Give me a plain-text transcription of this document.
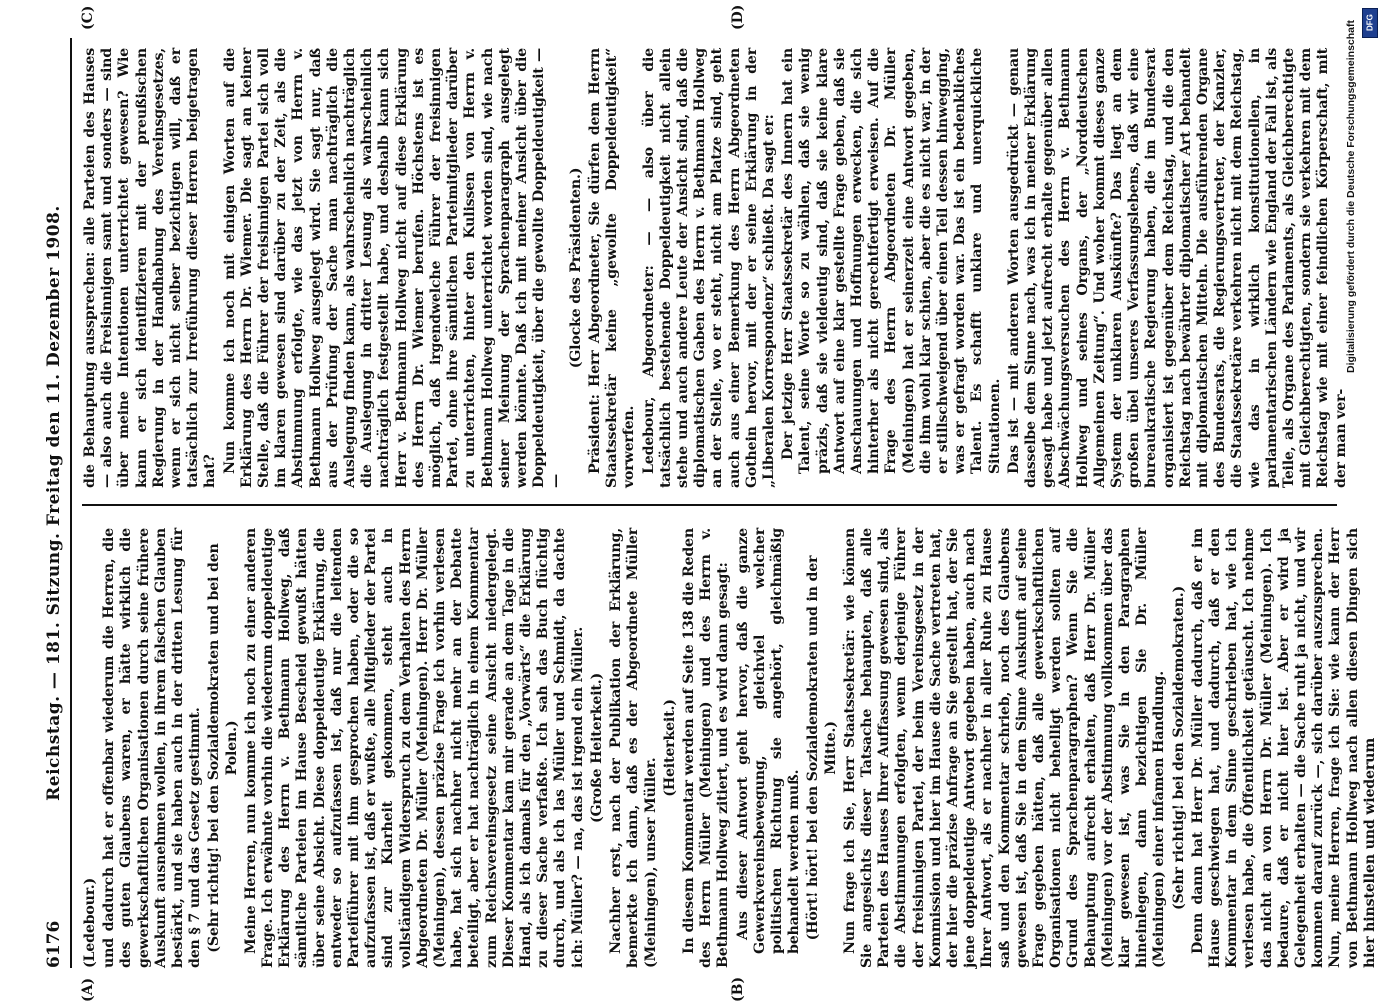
6176
Reichstag. — 181. Sitzung. Freitag den 11. Dezember 1908.

(Ledebour.) und dadurch hat er offenbar wiederum die Herren, die des guten Glaubens waren, er hätte wirklich die gewerkschaftlichen Organisationen durch seine frühere Auskunft ausnehmen wollen, in ihrem falschen Glauben bestärkt, und sie haben auch in der dritten Lesung für den § 7 und das Gesetz gestimmt. (Sehr richtig! bei den Sozialdemokraten und bei den Polen.) Meine Herren, nun komme ich noch zu einer anderen Frage. Ich erwähnte vorhin die wiederum doppeldeutige Erklärung des Herrn v. Bethmann Hollweg, daß sämtliche Parteien im Hause Bescheid gewußt hätten über seine Absicht. Diese doppeldeutige Erklärung, die entweder so aufzufassen ist, daß nur die leitenden Parteiführer mit ihm gesprochen haben, oder die so aufzufassen ist, daß er wußte, alle Mitglieder der Partei sind zur Klarheit gekommen, steht auch in vollständigem Widerspruch zu dem Verhalten des Herrn Abgeordneten Dr. Müller (Meiningen). Herr Dr. Müller (Meiningen), dessen präzise Frage ich vorhin verlesen habe, hat sich nachher nicht mehr an der Debatte beteiligt, aber er hat nachträglich in einem Kommentar zum Reichsvereinsgesetz seine Ansicht niedergelegt. Dieser Kommentar kam mir gerade an dem Tage in die Hand, als ich damals für den „Vorwärts“ die Erklärung zu dieser Sache verfaßte. Ich sah das Buch flüchtig durch, und als ich las Müller und Schmidt, da dachte ich: Müller? — na, das ist irgend ein Müller. (Große Heiterkeit.) Nachher erst, nach der Publikation der Erklärung, bemerkte ich dann, daß es der Abgeordnete Müller (Meiningen), unser Müller.

(Heiterkeit.) In diesem Kommentar werden auf Seite 138 die Reden des Herrn Müller (Meiningen) und des Herrn v. Bethmann Hollweg zitiert, und es wird dann gesagt: Aus dieser Antwort geht hervor, daß die ganze Gewerkvereinsbewegung, gleichviel welcher politischen Richtung sie angehört, gleichmäßig behandelt werden muß. (Hört! hört! bei den Sozialdemokraten und in der Mitte.) Nun frage ich Sie, Herr Staatssekretär: wie können Sie angesichts dieser Tatsache behaupten, daß alle Parteien des Hauses Ihrer Auffassung gewesen sind, als die Abstimmungen erfolgten, wenn derjenige Führer der freisinnigen Partei, der beim Vereinsgesetz in der Kommission und hier im Hause die Sache vertreten hat, der hier die präzise Anfrage an Sie gestellt hat, der Sie jene doppeldeutige Antwort gegeben haben, auch nach Ihrer Antwort, als er nachher in aller Ruhe zu Hause saß und den Kommentar schrieb, noch des Glaubens gewesen ist, daß Sie in dem Sinne Auskunft auf seine Frage gegeben hätten, daß alle gewerkschaftlichen Organisationen nicht behelligt werden sollten auf Grund des Sprachenparagraphen? Wenn Sie die Behauptung aufrecht erhalten, daß Herr Dr. Müller (Meiningen) vor der Abstimmung vollkommen über das klar gewesen ist, was Sie in den Paragraphen hineinlegen, dann bezichtigen Sie Dr. Müller (Meiningen) einer infamen Handlung. (Sehr richtig! bei den Sozialdemokraten.) Denn dann hat Herr Dr. Müller dadurch, daß er im Hause geschwiegen hat, und dadurch, daß er den Kommentar in dem Sinne geschrieben hat, wie ich verlesen habe, die Öffentlichkeit getäuscht. Ich nehme das nicht an von Herrn Dr. Müller (Meiningen). Ich bedaure, daß er nicht hier ist. Aber er wird ja Gelegenheit erhalten — die Sache ruht ja nicht, und wir kommen darauf zurück —, sich darüber auszusprechen. Nun, meine Herren, frage ich Sie: wie kann der Herr von Bethmann Hollweg nach allen diesen Dingen sich hier hinstellen und wiederum

die Behauptung aussprechen: alle Parteien des Hauses — also auch die Freisinnigen samt und sonders — sind über meine Intentionen unterrichtet gewesen? Wie kann er sich identifizieren mit der preußischen Regierung in der Handhabung des Vereinsgesetzes, wenn er sich nicht selber bezichtigen will, daß er tatsächlich zur Irreführung dieser Herren beigetragen hat? Nun komme ich noch mit einigen Worten auf die Erklärung des Herrn Dr. Wiemer. Die sagt an keiner Stelle, daß die Führer der freisinnigen Partei sich voll im klaren gewesen sind darüber zu der Zeit, als die Abstimmung erfolgte, wie das jetzt von Herrn v. Bethmann Hollweg ausgelegt wird. Sie sagt nur, daß aus der Prüfung der Sache man nachträglich die Auslegung finden kann, als wahrscheinlich nachträglich die Auslegung in dritter Lesung als wahrscheinlich nachträglich festgestellt habe, und deshalb kann sich Herr v. Bethmann Hollweg nicht auf diese Erklärung des Herrn Dr. Wiemer berufen. Höchstens ist es möglich, daß irgendwelche Führer der freisinnigen Partei, ohne ihre sämtlichen Parteimitglieder darüber zu unterrichten, hinter den Kulissen von Herrn v. Bethmann Hollweg unterrichtet worden sind, wie nach seiner Meinung der Sprachenparagraph ausgelegt werden könnte. Daß ich mit meiner Ansicht über die Doppeldeutigkeit, über die gewollte Doppeldeutigkeit — —

(Glocke des Präsidenten.) Präsident: Herr Abgeordneter, Sie dürfen dem Herrn Staatssekretär keine „gewollte Doppeldeutigkeit“ vorwerfen. Ledebour, Abgeordneter: — — also über die tatsächlich bestehende Doppeldeutigkeit nicht allein stehe und auch andere Leute der Ansicht sind, daß die diplomatischen Gaben des Herrn v. Bethmann Hollweg an der Stelle, wo er steht, nicht am Platze sind, geht auch aus einer Bemerkung des Herrn Abgeordneten Gothein hervor, mit der er seine Erklärung in der „Liberalen Korrespondenz“ schließt. Da sagt er: Der jetzige Herr Staatssekretär des Innern hat ein Talent, seine Worte so zu wählen, daß sie wenig präzis, daß sie vieldeutig sind, daß sie keine klare Antwort auf eine klar gestellte Frage geben, daß sie Anschauungen und Hoffnungen erwecken, die sich hinterher als nicht gerechtfertigt erweisen. Auf die Frage des Herrn Abgeordneten Dr. Müller (Meiningen) hat er seinerzeit eine Antwort gegeben, die ihm wohl klar schien, aber die es nicht war, in der er stillschweigend über einen Teil dessen hinwegging, was er gefragt worden war. Das ist ein bedenkliches Talent. Es schafft unklare und unerquickliche Situationen. Das ist — mit anderen Worten ausgedrückt — genau dasselbe dem Sinne nach, was ich in meiner Erklärung gesagt habe und jetzt aufrecht erhalte gegenüber allen Abschwächungsversuchen des Herrn v. Bethmann Hollweg und seines Organs, der „Norddeutschen Allgemeinen Zeitung“. Und woher kommt dieses ganze System der unklaren Auskünfte? Das liegt an dem großen übel unseres Verfassungslebens, daß wir eine bureaukratische Regierung haben, die im Bundesrat organisiert ist gegenüber dem Reichstag, und die den Reichstag nach bewährter diplomatischer Art behandelt mit diplomatischen Mitteln. Die ausführenden Organe des Bundesrats, die Regierungsvertreter, der Kanzler, die Staatssekretäre verkehren nicht mit dem Reichstag, wie das in wirklich konstitutionellen, in parlamentarischen Ländern wie England der Fall ist, als Teile, als Organe des Parlaments, als Gleichberechtigte mit Gleichberechtigten, sondern sie verkehren mit dem Reichstag wie mit einer feindlichen Körperschaft, mit der man ver-

(A)	(B)
(C)	(D)
Digitalisierung gefördert durch die Deutsche Forschungsgemeinschaft	DFG
